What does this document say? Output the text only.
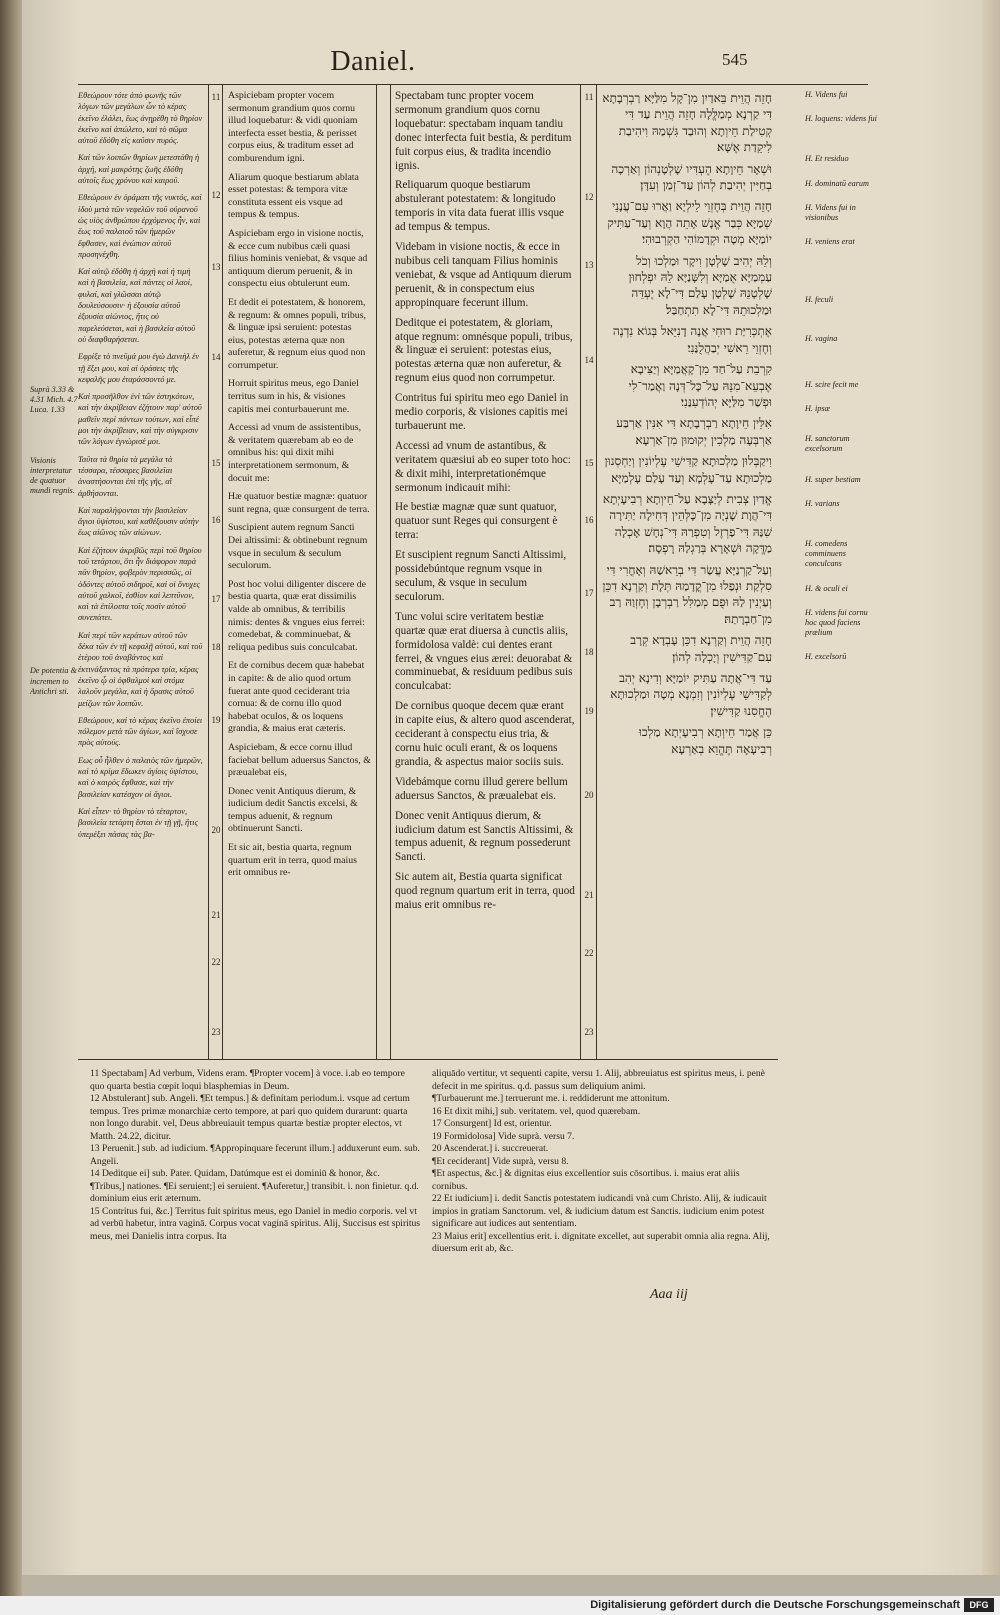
Daniel.	545
11
12
13
14
15
16
17
18
19
20
21
22
23
11
12
13
14
15
16
17
18
19
20
21
22
23
Suprà 3.33 & 4.31 Mich. 4.7 Luca. 1.33
Visionis interpretatur de quatuor mundi regnis.
De potentia & incremen to Antichri sti.
Εθεώρουν τότε ἀπὸ φωνῆς τῶν λόγων τῶν μεγάλων ὧν τὸ κέρας ἐκεῖνο ἐλάλει, ἕως ἀνῃρέθη τὸ θηρίον ἐκεῖνο καὶ ἀπώλετο, καὶ τὸ σῶμα αὐτοῦ ἐδόθη εἰς καῦσιν πυρός.
Καὶ τῶν λοιπῶν θηρίων μετεστάθη ἡ ἀρχή, καὶ μακρότης ζωῆς ἐδόθη αὐτοῖς ἕως χρόνου καὶ καιροῦ.
Εθεώρουν ἐν ὁράματι τῆς νυκτός, καὶ ἰδοὺ μετὰ τῶν νεφελῶν τοῦ οὐρανοῦ ὡς υἱὸς ἀνθρώπου ἐρχόμενος ἦν, καὶ ἕως τοῦ παλαιοῦ τῶν ἡμερῶν ἔφθασεν, καὶ ἐνώπιον αὐτοῦ προσηνέχθη.
Καὶ αὐτῷ ἐδόθη ἡ ἀρχὴ καὶ ἡ τιμὴ καὶ ἡ βασιλεία, καὶ πάντες οἱ λαοί, φυλαί, καὶ γλῶσσαι αὐτῷ δουλεύσουσιν· ἡ ἐξουσία αὐτοῦ ἐξουσία αἰώνιος, ἥτις οὐ παρελεύσεται, καὶ ἡ βασιλεία αὐτοῦ οὐ διαφθαρήσεται.
Εφρίξε τὸ πνεῦμά μου ἐγὼ Δανιὴλ ἐν τῇ ἕξει μου, καὶ αἱ ὁράσεις τῆς κεφαλῆς μου ἐταράσσοντό με.
Καὶ προσῆλθον ἑνὶ τῶν ἑστηκότων, καὶ τὴν ἀκρίβειαν ἐζήτουν παρ' αὐτοῦ μαθεῖν περὶ πάντων τούτων, καὶ εἶπέ μοι τὴν ἀκρίβειαν, καὶ τὴν σύγκρισιν τῶν λόγων ἐγνώρισέ μοι.
Ταῦτα τὰ θηρία τὰ μεγάλα τὰ τέσσαρα, τέσσαρες βασιλεῖαι ἀναστήσονται ἐπὶ τῆς γῆς, αἳ ἀρθήσονται.
Καὶ παραλήψονται τὴν βασιλείαν ἅγιοι ὑψίστου, καὶ καθέξουσιν αὐτὴν ἕως αἰῶνος τῶν αἰώνων.
Καὶ ἐζήτουν ἀκριβῶς περὶ τοῦ θηρίου τοῦ τετάρτου, ὅτι ἦν διάφορον παρὰ πᾶν θηρίον, φοβερὸν περισσῶς, οἱ ὀδόντες αὐτοῦ σιδηροῖ, καὶ οἱ ὄνυχες αὐτοῦ χαλκοῖ, ἐσθίον καὶ λεπτῦνον, καὶ τὰ ἐπίλοιπα τοῖς ποσὶν αὐτοῦ συνεπάτει.
Καὶ περὶ τῶν κεράτων αὐτοῦ τῶν δέκα τῶν ἐν τῇ κεφαλῇ αὐτοῦ, καὶ τοῦ ἑτέρου τοῦ ἀναβάντος καὶ ἐκτινάξαντος τὰ πρότερα τρία, κέρας ἐκεῖνο ᾧ οἱ ὀφθαλμοὶ καὶ στόμα λαλοῦν μεγάλα, καὶ ἡ ὅρασις αὐτοῦ μείζων τῶν λοιπῶν.
Εθεώρουν, καὶ τὸ κέρας ἐκεῖνο ἐποίει πόλεμον μετὰ τῶν ἁγίων, καὶ ἴσχυσε πρὸς αὐτούς.
Εως οὗ ἦλθεν ὁ παλαιὸς τῶν ἡμερῶν, καὶ τὸ κρίμα ἔδωκεν ἁγίοις ὑψίστου, καὶ ὁ καιρὸς ἔφθασε, καὶ τὴν βασιλείαν κατέσχον οἱ ἅγιοι.
Καὶ εἶπεν· τὸ θηρίον τὸ τέταρτον, βασιλεία τετάρτη ἔσται ἐν τῇ γῇ, ἥτις ὑπερέξει πάσας τὰς βα-
Aspiciebam propter vocem sermonum grandium quos cornu illud loquebatur: & vidi quoniam interfecta esset bestia, & perisset corpus eius, & traditum esset ad comburendum igni.
Aliarum quoque bestiarum ablata esset potestas: & tempora vitæ constituta essent eis vsque ad tempus & tempus.
Aspiciebam ergo in visione noctis, & ecce cum nubibus cæli quasi filius hominis veniebat, & vsque ad antiquum dierum peruenit, & in conspectu eius obtulerunt eum.
Et dedit ei potestatem, & honorem, & regnum: & omnes populi, tribus, & linguæ ipsi seruient: potestas eius, potestas æterna quæ non auferetur, & regnum eius quod non corrumpetur.
Horruit spiritus meus, ego Daniel territus sum in his, & visiones capitis mei conturbauerunt me.
Accessi ad vnum de assistentibus, & veritatem quærebam ab eo de omnibus his: qui dixit mihi interpretationem sermonum, & docuit me:
Hæ quatuor bestiæ magnæ: quatuor sunt regna, quæ consurgent de terra.
Suscipient autem regnum Sancti Dei altissimi: & obtinebunt regnum vsque in seculum & seculum seculorum.
Post hoc volui diligenter discere de bestia quarta, quæ erat dissimilis valde ab omnibus, & terribilis nimis: dentes & vngues eius ferrei: comedebat, & comminuebat, & reliqua pedibus suis conculcabat.
Et de cornibus decem quæ habebat in capite: & de alio quod ortum fuerat ante quod ceciderant tria cornua: & de cornu illo quod habebat oculos, & os loquens grandia, & maius erat cæteris.
Aspiciebam, & ecce cornu illud faciebat bellum aduersus Sanctos, & præualebat eis,
Donec venit Antiquus dierum, & iudicium dedit Sanctis excelsi, & tempus aduenit, & regnum obtinuerunt Sancti.
Et sic ait, bestia quarta, regnum quartum erit in terra, quod maius erit omnibus re-
Spectabam tunc propter vocem sermonum grandium quos cornu loquebatur: spectabam inquam tandiu donec interfecta fuit bestia, & perditum fuit corpus eius, & tradita incendio ignis.
Reliquarum quoque bestiarum abstulerant potestatem: & longitudo temporis in vita data fuerat illis vsque ad tempus & tempus.
Videbam in visione noctis, & ecce in nubibus celi tanquam Filius hominis veniebat, & vsque ad Antiquum dierum peruenit, & in conspectum eius appropinquare fecerunt illum.
Deditque ei potestatem, & gloriam, atque regnum: omnésque populi, tribus, & linguæ ei seruient: potestas eius, potestas æterna quæ non auferetur, & regnum eius quod non corrumpetur.
Contritus fui spiritu meo ego Daniel in medio corporis, & visiones capitis mei turbauerunt me.
Accessi ad vnum de astantibus, & veritatem quæsiui ab eo super toto hoc: & dixit mihi, interpretationémque sermonum indicauit mihi:
He bestiæ magnæ quæ sunt quatuor, quatuor sunt Reges qui consurgent è terra:
Et suscipient regnum Sancti Altissimi, possidebúntque regnum vsque in seculum, & vsque in seculum seculorum.
Tunc volui scire veritatem bestiæ quartæ quæ erat diuersa à cunctis aliis, formidolosa valdè: cui dentes erant ferrei, & vngues eius ærei: deuorabat & comminuebat, & residuum pedibus suis conculcabat:
De cornibus quoque decem quæ erant in capite eius, & altero quod ascenderat, ceciderant à conspectu eius tria, & cornu huic oculi erant, & os loquens grandia, & aspectus maior sociis suis.
Videbámque cornu illud gerere bellum aduersus Sanctos, & præualebat eis.
Donec venit Antiquus dierum, & iudicium datum est Sanctis Altissimi, & tempus aduenit, & regnum possederunt Sancti.
Sic autem ait, Bestia quarta significat quod regnum quartum erit in terra, quod maius erit omnibus re-
חָזֵה הֲוֵית בֵּאדַיִן מִן־קָל מִלַּיָּא רַבְרְבָתָא דִּי קַרְנָא מְמַלֱּלָה חָזֵה הֲוֵית עַד דִּי קְטִילַת חֵיוְתָא וְהוּבַד גִּשְׁמַהּ וִיהִיבַת לִיקֵדַת אֶשָּׁא׃
וּשְׁאָר חֵיוָתָא הֶעְדִּיו שָׁלְטָנְהוֹן וְאַרְכָה בְחַיִּין יְהִיבַת לְהוֹן עַד־זְמַן וְעִדָּן׃
חָזֵה הֲוֵית בְּחֶזְוֵי לֵילְיָא וַאֲרוּ עִם־עֲנָנֵי שְׁמַיָּא כְּבַר אֱנָשׁ אָתֵה הֲוָא וְעַד־עַתִּיק יוֹמַיָּא מְטָה וּקְדָמוֹהִי הַקְרְבוּהִי׃
וְלֵהּ יְהִיב שָׁלְטָן וִיקָר וּמַלְכוּ וְכֹל עַמְמַיָּא אֻמַיָּא וְלִשָּׁנַיָּא לֵהּ יִפְלְחוּן שָׁלְטָנֵהּ שָׁלְטָן עָלַם דִּי־לָא יֶעְדֵּה וּמַלְכוּתֵהּ דִּי־לָא תִתְחַבַּל׃
אֶתְכְּרִיַּת רוּחִי אֲנָה דָנִיֵּאל בְּגוֹא נִדְנֶה וְחֶזְוֵי רֵאשִׁי יְבַהֲלֻנַּנִי׃
קִרְבֵת עַל־חַד מִן־קָאֲמַיָּא וְיַצִּיבָא אֶבְעֵא־מִנֵּהּ עַל־כָּל־דְּנָה וַאֲמַר־לִי וּפְשַׁר מִלַּיָּא יְהוֹדְעִנַּנִי׃
אִלֵּין חֵיוָתָא רַבְרְבָתָא דִּי אִנִּין אַרְבַּע אַרְבְּעָה מַלְכִין יְקוּמוּן מִן־אַרְעָא׃
וִיקַבְּלוּן מַלְכוּתָא קַדִּישֵׁי עֶלְיוֹנִין וְיַחְסְנוּן מַלְכוּתָא עַד־עָלְמָא וְעַד עָלַם עָלְמַיָּא׃
אֱדַיִן צְבִית לְיַצָּבָא עַל־חֵיוְתָא רְבִיעָיְתָא דִּי־הֲוָת שָׁנְיָה מִן־כָּלְּהֵין דְּחִילָה יַתִּירָה שִׁנַּהּ דִּי־פַרְזֶל וְטִפְרַהּ דִּי־נְחָשׁ אָכְלָה מַדֱּקָה וּשְׁאָרָא בְּרַגְלַהּ רָפְסָה׃
וְעַל־קַרְנַיָּא עֲשַׂר דִּי בְרֵאשַׁהּ וְאָחֳרִי דִּי סִלְקַת וּנְפַלוּ מִן־קֳדָמַהּ תְּלָת וְקַרְנָא דִכֵּן וְעַיְנִין לַהּ וּפֻם מְמַלִּל רַבְרְבָן וְחֶזְוַהּ רַב מִן־חַבְרָתַהּ׃
חָזֵה הֲוֵית וְקַרְנָא דִכֵּן עָבְדָא קְרָב עִם־קַדִּישִׁין וְיָכְלָה לְהוֹן׃
עַד דִּי־אֲתָה עַתִּיק יוֹמַיָּא וְדִינָא יְהִב לְקַדִּישֵׁי עֶלְיוֹנִין וְזִמְנָא מְטָה וּמַלְכוּתָא הֶחֱסִנוּ קַדִּישִׁין׃
כֵּן אֲמַר חֵיוְתָא רְבִיעָיְתָא מַלְכוּ רְבִיעָאָה תֶּהֱוֵא בְאַרְעָא
H. Videns fui
H. loquens: videns fui
H. Et residuo
H. dominatū earum
H. Videns fui in visionibus
H. veniens erat
H. feculi
H. vagina
H. scire fecit me
H. ipsæ
H. sanctorum excelsorum
H. super bestiam
H. varians
H. comedens comminuens conculcans
H. & oculi ei
H. videns fui cornu hoc quod faciens prælium
H. excelsorū
11 Spectabam] Ad verbum, Videns eram. ¶Propter vocem] à voce. i.ab eo tempore quo quarta bestia cœpit loqui blasphemias in Deum.
12 Abstulerant] sub. Angeli. ¶Et tempus.] & definitam periodum.i. vsque ad certum tempus. Tres primæ monarchiæ certo tempore, at pari quo quidem durarunt: quarta non longo durabit. vel, Deus abbreuiauit tempus quartæ bestiæ propter electos, vt Matth. 24.22, dicitur.
13 Peruenit.] sub. ad iudicium. ¶Appropinquare fecerunt illum.] adduxerunt eum. sub. Angeli.
14 Deditque ei] sub. Pater. Quidam, Datúmque est ei dominiū & honor, &c.
¶Tribus,] nationes. ¶Ei seruient;] ei seruient. ¶Auferetur,] transibit. i. non finietur. q.d. dominium eius erit æternum.
15 Contritus fui, &c.] Territus fuit spiritus meus, ego Daniel in medio corporis. vel vt ad verbū habetur, intra vaginā. Corpus vocat vaginā spiritus. Alij, Succisus est spiritus meus, mei Danielis intra corpus. Ita
aliquādo vertitur, vt sequenti capite, versu 1. Alij, abbreuiatus est spiritus meus, i. penè defecit in me spiritus. q.d. passus sum deliquium animi.
¶Turbauerunt me.] terruerunt me. i. reddiderunt me attonitum.
16 Et dixit mihi,] sub. veritatem. vel, quod quærebam.
17 Consurgent] Id est, orientur.
19 Formidolosa] Vide suprà. versu 7.
20 Ascenderat.] i. succreuerat.
¶Et ceciderant] Vide suprà, versu 8.
¶Et aspectus, &c.] & dignitas eius excellentior suis cōsortibus. i. maius erat aliis cornibus.
22 Et iudicium] i. dedit Sanctis potestatem iudicandi vnà cum Christo. Alij, & iudicauit impios in gratiam Sanctorum. vel, & iudicium datum est Sanctis. iudicium enim potest significare aut iudices aut sententiam.
23 Maius erit] excellentius erit. i. dignitate excellet, aut superabit omnia alia regna. Alij, diuersum erit ab, &c.
Aaa iij
Digitalisierung gefördert durch die Deutsche Forschungsgemeinschaft	DFG
